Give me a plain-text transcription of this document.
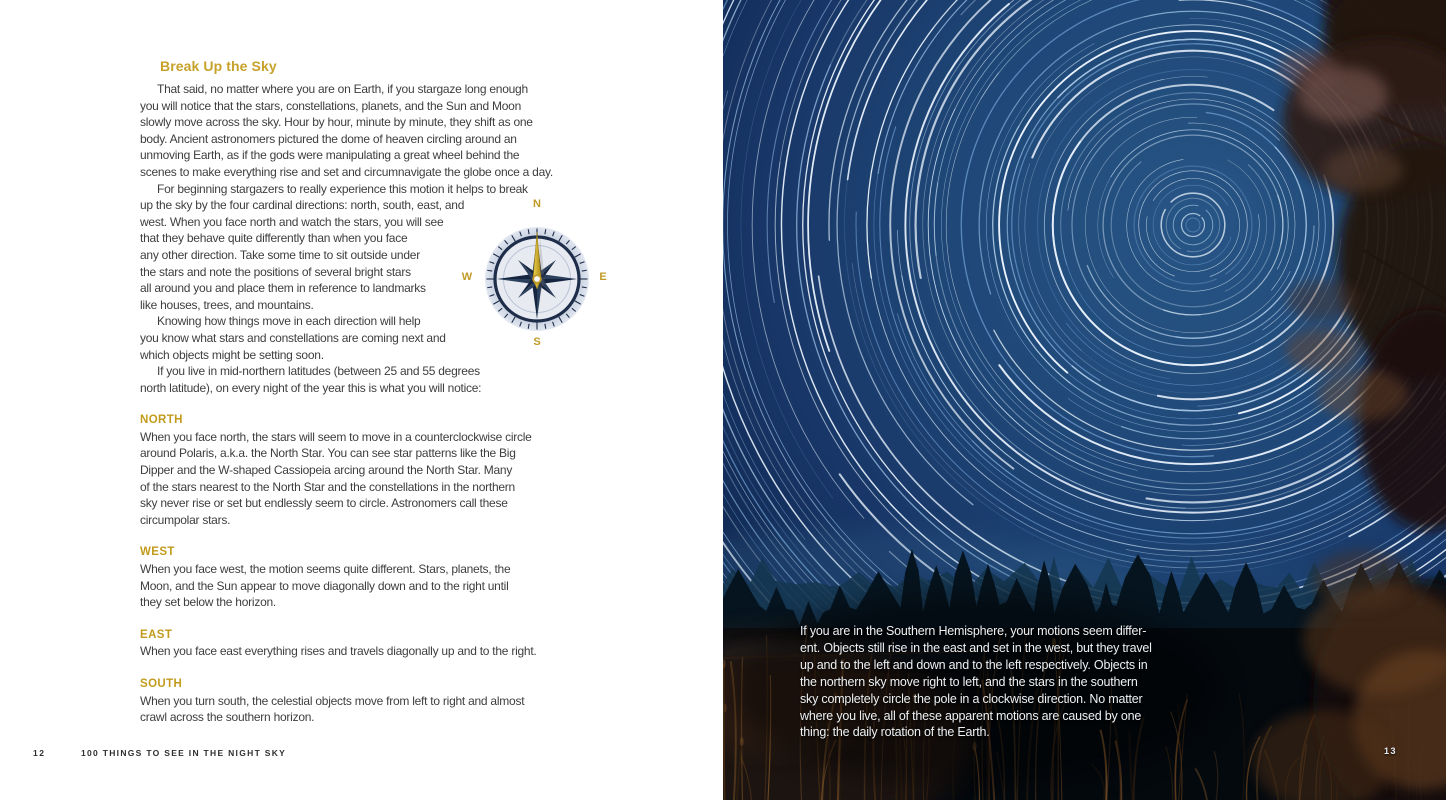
Break Up the Sky
That said, no matter where you are on Earth, if you stargaze long enough
you will notice that the stars, constellations, planets, and the Sun and Moon
slowly move across the sky. Hour by hour, minute by minute, they shift as one
body. Ancient astronomers pictured the dome of heaven circling around an
unmoving Earth, as if the gods were manipulating a great wheel behind the
scenes to make everything rise and set and circumnavigate the globe once a day.
For beginning stargazers to really experience this motion it helps to break
up the sky by the four cardinal directions: north, south, east, and
west. When you face north and watch the stars, you will see
that they behave quite differently than when you face
any other direction. Take some time to sit outside under
the stars and note the positions of several bright stars
all around you and place them in reference to landmarks
like houses, trees, and mountains.
Knowing how things move in each direction will help
you know what stars and constellations are coming next and
which objects might be setting soon.
If you live in mid-northern latitudes (between 25 and 55 degrees
north latitude), on every night of the year this is what you will notice:
NORTH
When you face north, the stars will seem to move in a counterclockwise circle
around Polaris, a.k.a. the North Star. You can see star patterns like the Big
Dipper and the W-shaped Cassiopeia arcing around the North Star. Many
of the stars nearest to the North Star and the constellations in the northern
sky never rise or set but endlessly seem to circle. Astronomers call these
circumpolar stars.
WEST
When you face west, the motion seems quite different. Stars, planets, the
Moon, and the Sun appear to move diagonally down and to the right until
they set below the horizon.
EAST
When you face east everything rises and travels diagonally up and to the right.
SOUTH
When you turn south, the celestial objects move from left to right and almost
crawl across the southern horizon.
N
E
S
W
12	100 THINGS TO SEE IN THE NIGHT SKY
If you are in the Southern Hemisphere, your motions seem differ-
ent. Objects still rise in the east and set in the west, but they travel
up and to the left and down and to the left respectively. Objects in
the northern sky move right to left, and the stars in the southern
sky completely circle the pole in a clockwise direction. No matter
where you live, all of these apparent motions are caused by one
thing: the daily rotation of the Earth.
13
